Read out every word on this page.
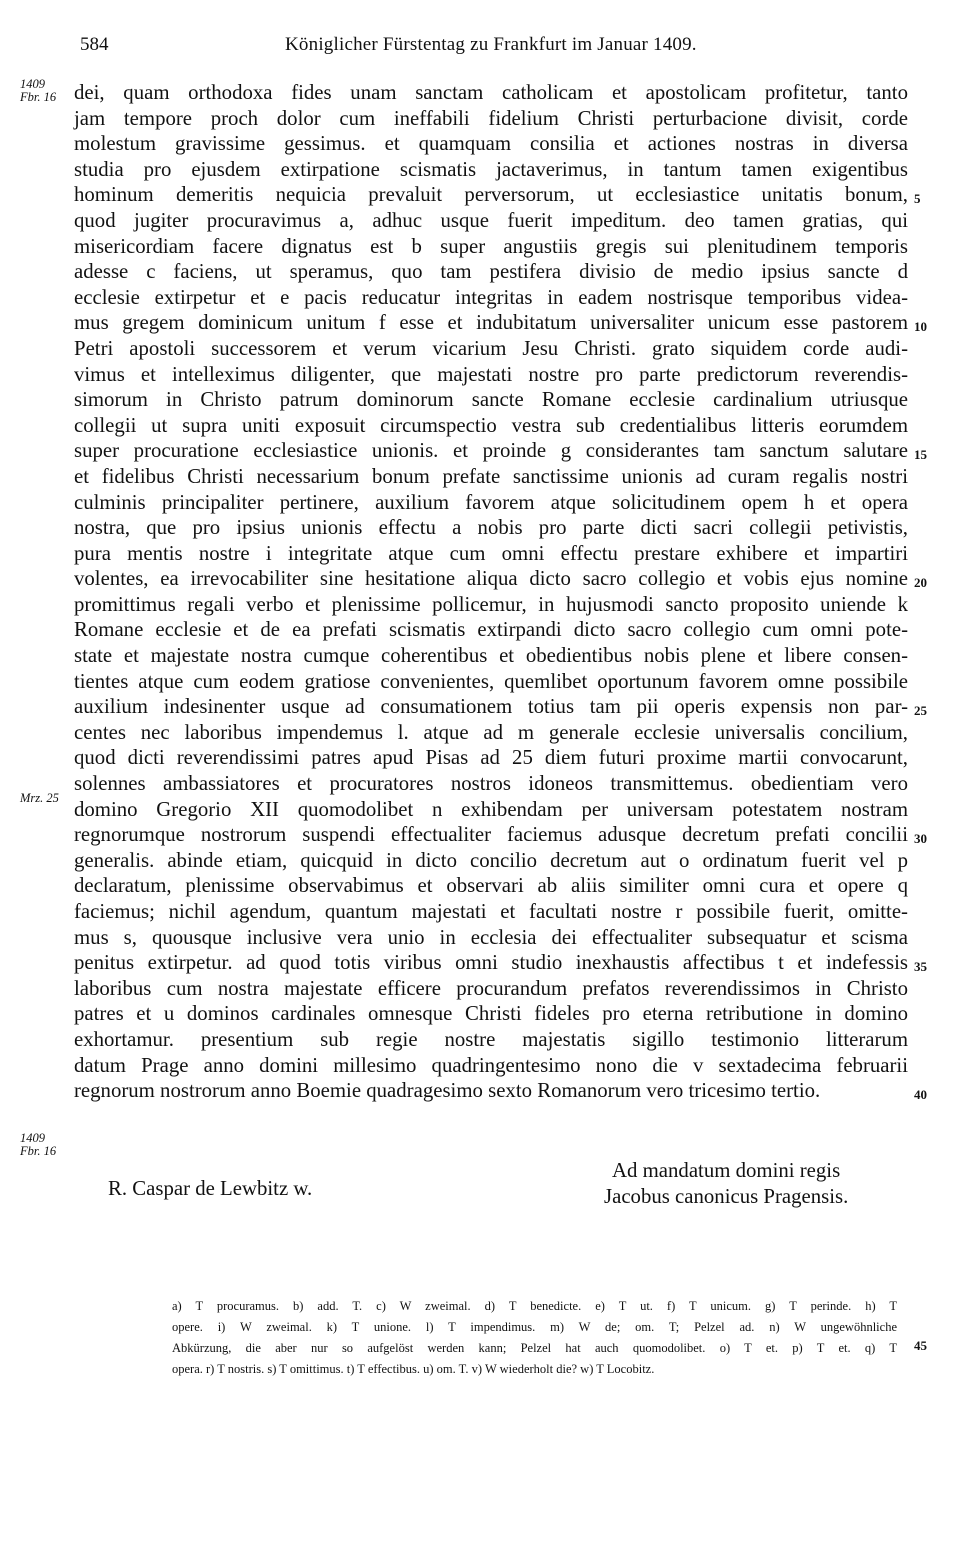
584	Königlicher Fürstentag zu Frankfurt im Januar 1409.
1409
Fbr. 16
Mrz. 25
1409
Fbr. 16
dei, quam orthodoxa fides unam sanctam catholicam et apostolicam profitetur, tanto
jam tempore proch dolor cum ineffabili fidelium Christi perturbacione divisit, corde
molestum gravissime gessimus. et quamquam consilia et actiones nostras in diversa
studia pro ejusdem extirpatione scismatis jactaverimus, in tantum tamen exigentibus
hominum demeritis nequicia prevaluit perversorum, ut ecclesiastice unitatis bonum,
quod jugiter procuravimus a, adhuc usque fuerit impeditum. deo tamen gratias, qui
misericordiam facere dignatus est b super angustiis gregis sui plenitudinem temporis
adesse c faciens, ut speramus, quo tam pestifera divisio de medio ipsius sancte d
ecclesie extirpetur et e pacis reducatur integritas in eadem nostrisque temporibus videa-
mus gregem dominicum unitum f esse et indubitatum universaliter unicum esse pastorem
Petri apostoli successorem et verum vicarium Jesu Christi. grato siquidem corde audi-
vimus et intelleximus diligenter, que majestati nostre pro parte predictorum reverendis-
simorum in Christo patrum dominorum sancte Romane ecclesie cardinalium utriusque
collegii ut supra uniti exposuit circumspectio vestra sub credentialibus litteris eorumdem
super procuratione ecclesiastice unionis. et proinde g considerantes tam sanctum salutare
et fidelibus Christi necessarium bonum prefate sanctissime unionis ad curam regalis nostri
culminis principaliter pertinere, auxilium favorem atque solicitudinem opem h et opera
nostra, que pro ipsius unionis effectu a nobis pro parte dicti sacri collegii petivistis,
pura mentis nostre i integritate atque cum omni effectu prestare exhibere et impartiri
volentes, ea irrevocabiliter sine hesitatione aliqua dicto sacro collegio et vobis ejus nomine
promittimus regali verbo et plenissime pollicemur, in hujusmodi sancto proposito uniende k
Romane ecclesie et de ea prefati scismatis extirpandi dicto sacro collegio cum omni pote-
state et majestate nostra cumque coherentibus et obedientibus nobis plene et libere consen-
tientes atque cum eodem gratiose convenientes, quemlibet oportunum favorem omne possibile
auxilium indesinenter usque ad consumationem totius tam pii operis expensis non par-
centes nec laboribus impendemus l. atque ad m generale ecclesie universalis concilium,
quod dicti reverendissimi patres apud Pisas ad 25 diem futuri proxime martii convocarunt,
solennes ambassiatores et procuratores nostros idoneos transmittemus. obedientiam vero
domino Gregorio XII quomodolibet n exhibendam per universam potestatem nostram
regnorumque nostrorum suspendi effectualiter faciemus adusque decretum prefati concilii
generalis. abinde etiam, quicquid in dicto concilio decretum aut o ordinatum fuerit vel p
declaratum, plenissime observabimus et observari ab aliis similiter omni cura et opere q
faciemus; nichil agendum, quantum majestati et facultati nostre r possibile fuerit, omitte-
mus s, quousque inclusive vera unio in ecclesia dei effectualiter subsequatur et scisma
penitus extirpetur. ad quod totis viribus omni studio inexhaustis affectibus t et indefessis
laboribus cum nostra majestate efficere procurandum prefatos reverendissimos in Christo
patres et u dominos cardinales omnesque Christi fideles pro eterna retributione in domino
exhortamur. presentium sub regie nostre majestatis sigillo testimonio litterarum
datum Prage anno domini millesimo quadringentesimo nono die v sextadecima februarii
regnorum nostrorum anno Boemie quadragesimo sexto Romanorum vero tricesimo tertio.
5
10
15
20
25
30
35
40
Ad mandatum domini regis
R. Caspar de Lewbitz w.	Jacobus canonicus Pragensis.
a) T procuramus. b) add. T. c) W zweimal. d) T benedicte. e) T ut. f) T unicum. g) T perinde. h) T
opere. i) W zweimal. k) T unione. l) T impendimus. m) W de; om. T; Pelzel ad. n) W ungewöhnliche
Abkürzung, die aber nur so aufgelöst werden kann; Pelzel hat auch quomodolibet. o) T et. p) T et. q) T
opera. r) T nostris. s) T omittimus. t) T effectibus. u) om. T. v) W wiederholt die? w) T Locobitz.
45
